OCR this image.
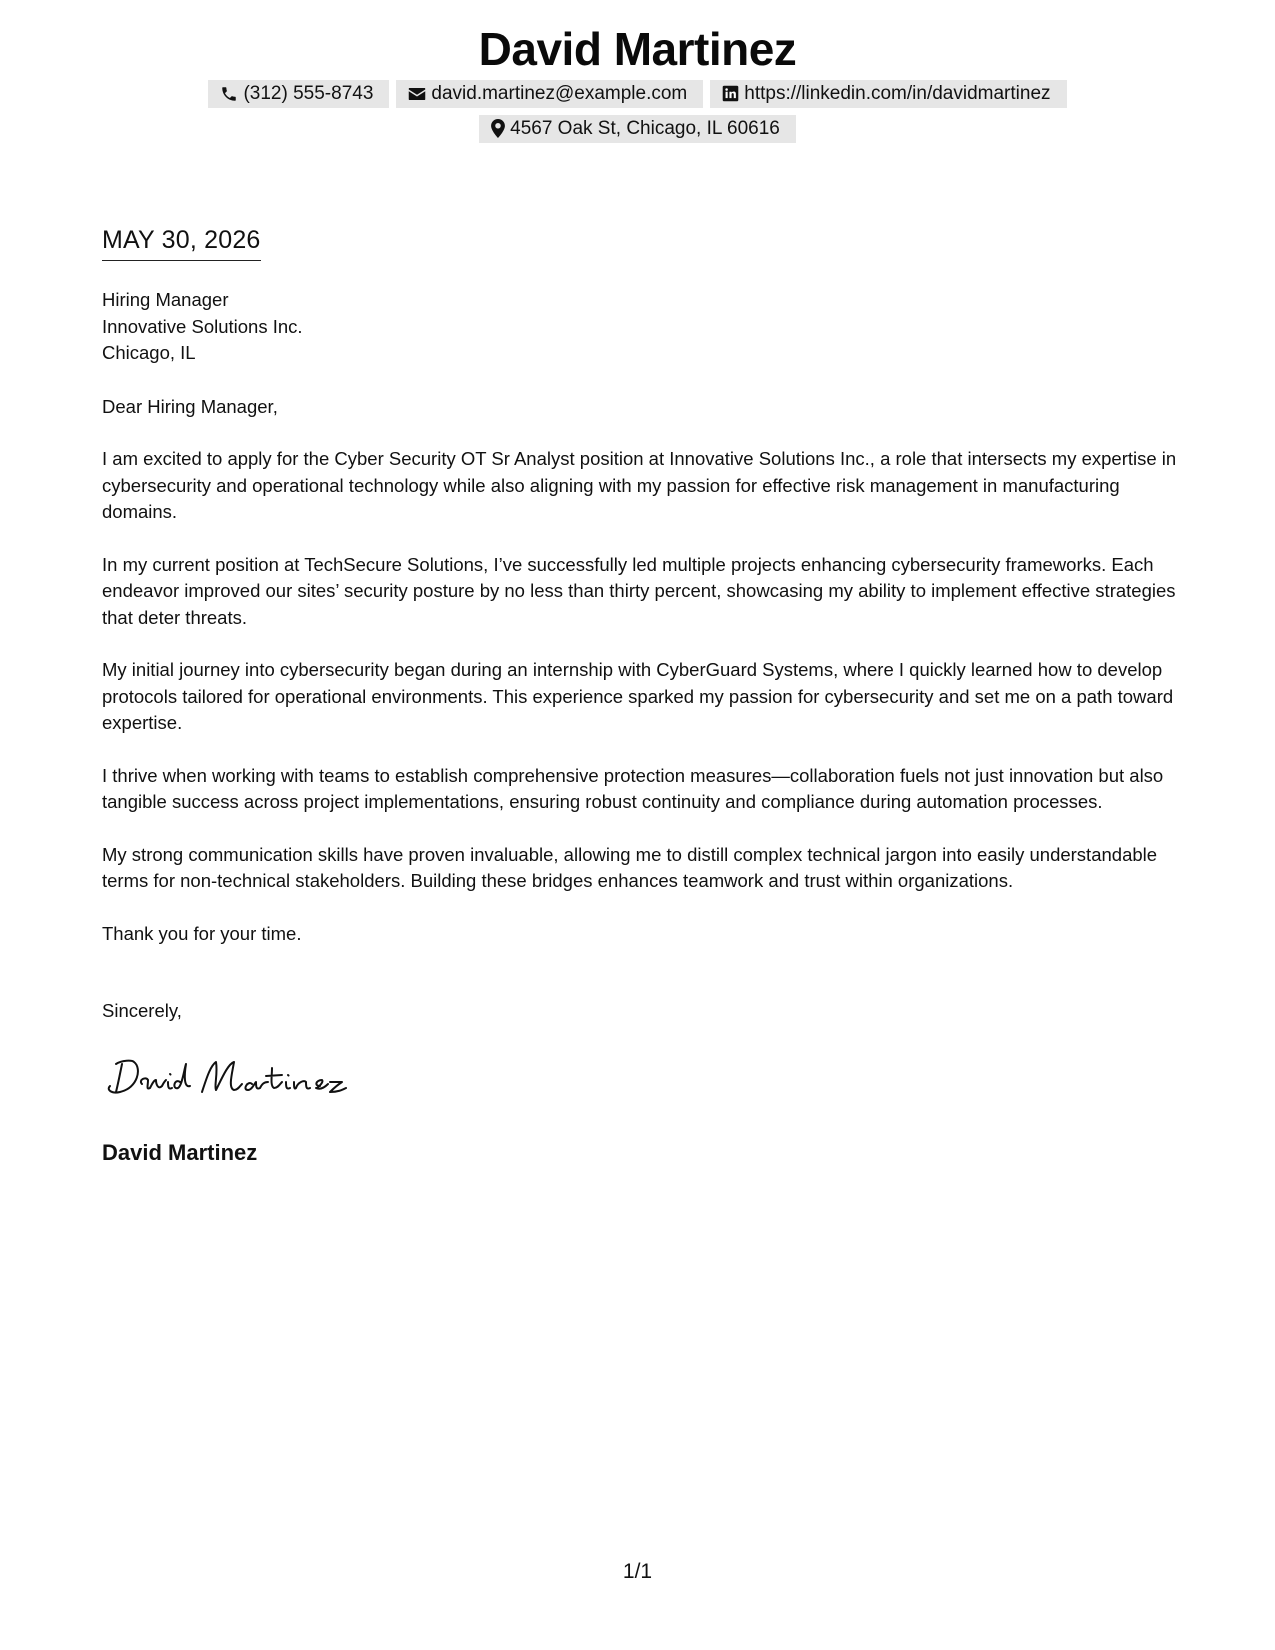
David Martinez
(312) 555-8743	david.martinez@example.com	https://linkedin.com/in/davidmartinez
4567 Oak St, Chicago, IL 60616
MAY 30, 2026
Hiring Manager
Innovative Solutions Inc.
Chicago, IL
Dear Hiring Manager,

I am excited to apply for the Cyber Security OT Sr Analyst position at Innovative Solutions Inc., a role that intersects my expertise in cybersecurity and operational technology while also aligning with my passion for effective risk management in manufacturing domains.

In my current position at TechSecure Solutions, I’ve successfully led multiple projects enhancing cybersecurity frameworks. Each endeavor improved our sites’ security posture by no less than thirty percent, showcasing my ability to implement effective strategies that deter threats.

My initial journey into cybersecurity began during an internship with CyberGuard Systems, where I quickly learned how to develop protocols tailored for operational environments. This experience sparked my passion for cybersecurity and set me on a path toward expertise.

I thrive when working with teams to establish comprehensive protection measures—collaboration fuels not just innovation but also tangible success across project implementations, ensuring robust continuity and compliance during automation processes.

My strong communication skills have proven invaluable, allowing me to distill complex technical jargon into easily understandable terms for non-technical stakeholders. Building these bridges enhances teamwork and trust within organizations.

Thank you for your time.

Sincerely,
David Martinez
1/1
